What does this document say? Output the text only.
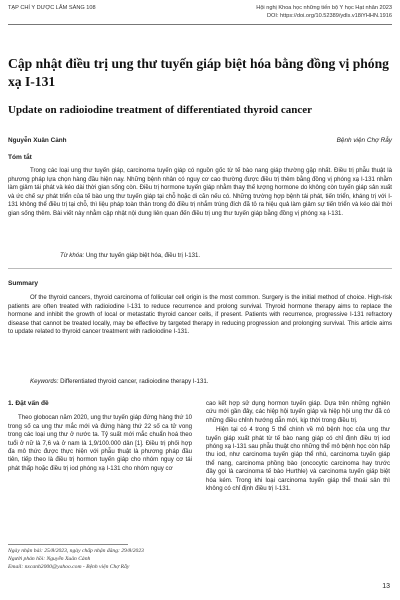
TẠP CHÍ Y DƯỢC LÂM SÀNG 108	Hội nghị Khoa học những tiến bộ Y học Hạt nhân 2023
DOI: https://doi.org/10.52389/ydls.v18iYHHN.1916
Cập nhật điều trị ung thư tuyến giáp biệt hóa bằng đồng vị phóng xạ I-131
Update on radioiodine treatment of differentiated thyroid cancer
Nguyễn Xuân Cảnh	Bệnh viện Chợ Rẫy
Tóm tắt
Trong các loại ung thư tuyến giáp, carcinoma tuyến giáp có nguồn gốc từ tế bào nang giáp thường gặp nhất. Điều trị phẫu thuật là phương pháp lựa chọn hàng đầu hiện nay. Những bệnh nhân có nguy cơ cao thường được điều trị thêm bằng đồng vị phóng xạ I-131 nhằm làm giảm tái phát và kéo dài thời gian sống còn. Điều trị hormone tuyến giáp nhằm thay thế lượng hormone do không còn tuyến giáp sản xuất và ức chế sự phát triển của tế bào ung thư tuyến giáp tại chỗ hoặc di căn nếu có. Những trường hợp bệnh tái phát, tiến triển, kháng trị với I-131 không thể điều trị tại chỗ, thì liệu pháp toàn thân trong đó điều trị nhắm trúng đích đã tỏ ra hiệu quả làm giảm sự tiến triển và kéo dài thời gian sống thêm. Bài viết này nhằm cập nhật nội dung liên quan đến điều trị ung thư tuyến giáp bằng đồng vị phóng xạ I-131.
Từ khóa: Ung thư tuyến giáp biệt hóa, điều trị I-131.
Summary
Of the thyroid cancers, thyroid carcinoma of follicular cell origin is the most common. Surgery is the initial method of choice. High-risk patients are often treated with radioiodine I-131 to reduce recurrence and prolong survival. Thyroid hormone therapy aims to replace the hormone and inhibit the growth of local or metastatic thyroid cancer cells, if present. Patients with recurrence, progressive I-131 refractory disease that cannot be treated locally, may be effective by targeted therapy in reducing progression and prolonging survival. This article aims to update related to thyroid cancer treatment with radioiodine I-131.
Keywords: Differentiated thyroid cancer, radioiodine therapy I-131.
1. Đặt vấn đề

Theo globocan năm 2020, ung thư tuyến giáp đứng hàng thứ 10 trong số ca ung thư mắc mới và đứng hàng thứ 22 số ca tử vong trong các loại ung thư ở nước ta. Tỷ suất mới mắc chuẩn hoá theo tuổi ở nữ là 7,6 và ở nam là 1,9/100.000 dân [1]. Điều trị phối hợp đa mô thức được thực hiện với phẫu thuật là phương pháp đầu tiên, tiếp theo là điều trị hormon tuyến giáp cho nhóm nguy cơ tái phát thấp hoặc điều trị iod phóng xạ I-131 cho nhóm nguy cơ

cao kết hợp sử dụng hormon tuyến giáp. Dựa trên những nghiên cứu mới gần đây, các hiệp hội tuyến giáp và hiệp hội ung thư đã có những điều chỉnh hướng dẫn mới, kịp thời trong điều trị.

Hiện tại có 4 trong 5 thể chính về mô bệnh học của ung thư tuyến giáp xuất phát từ tế bào nang giáp có chỉ định điều trị iod phóng xạ I-131 sau phẫu thuật cho những thể mô bệnh học còn hấp thu iod, như carcinoma tuyến giáp thể nhú, carcinoma tuyến giáp thể nang, carcinoma phồng bào (oncocytic carcinoma hay trước đây gọi là carcinoma tế bào Hurthle) và carcinoma tuyến giáp biệt hóa kém. Trong khi loại carcinoma tuyến giáp thể thoái sản thì không có chỉ định điều trị I-131.

Ngày nhận bài: 25/8/2023, ngày chấp nhận đăng: 29/8/2023
Người phản hồi: Nguyễn Xuân Cảnh
Email: nxcanh2000@yahoo.com - Bệnh viện Chợ Rẫy
13
